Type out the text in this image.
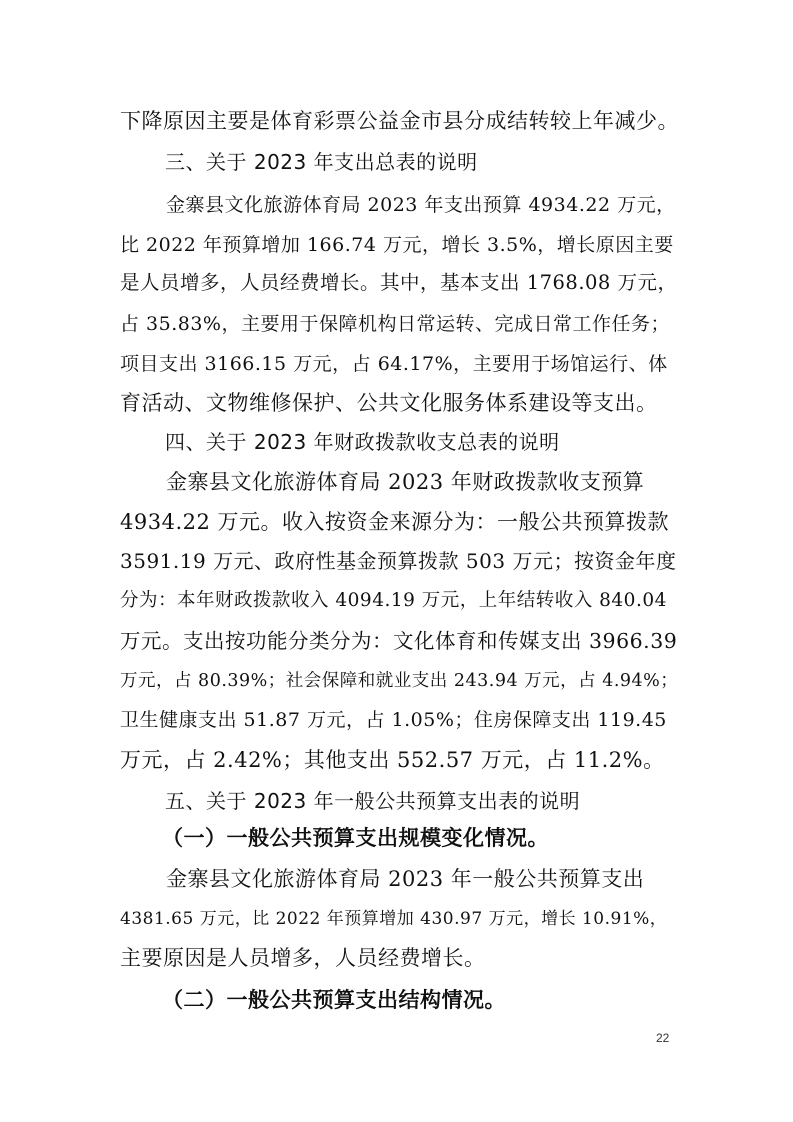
下降原因主要是体育彩票公益金市县分成结转较上年减少。
三、关于 2023 年支出总表的说明
金寨县文化旅游体育局 2023 年支出预算 4934.22 万元，
比 2022 年预算增加 166.74 万元，增长 3.5%，增长原因主要
是人员增多，人员经费增长。其中，基本支出 1768.08 万元，
占 35.83%，主要用于保障机构日常运转、完成日常工作任务；
项目支出 3166.15 万元，占 64.17%，主要用于场馆运行、体
育活动、文物维修保护、公共文化服务体系建设等支出。
四、关于 2023 年财政拨款收支总表的说明
金寨县文化旅游体育局 2023 年财政拨款收支预算
4934.22 万元。收入按资金来源分为：一般公共预算拨款
3591.19 万元、政府性基金预算拨款 503 万元；按资金年度
分为：本年财政拨款收入 4094.19 万元，上年结转收入 840.04
万元。支出按功能分类分为：文化体育和传媒支出 3966.39
万元，占 80.39%；社会保障和就业支出 243.94 万元，占 4.94%；
卫生健康支出 51.87 万元，占 1.05%；住房保障支出 119.45
万元，占 2.42%；其他支出 552.57 万元，占 11.2%。
五、关于 2023 年一般公共预算支出表的说明
（一）一般公共预算支出规模变化情况。
金寨县文化旅游体育局 2023 年一般公共预算支出
4381.65 万元，比 2022 年预算增加 430.97 万元，增长 10.91%，
主要原因是人员增多，人员经费增长。
（二）一般公共预算支出结构情况。
22
